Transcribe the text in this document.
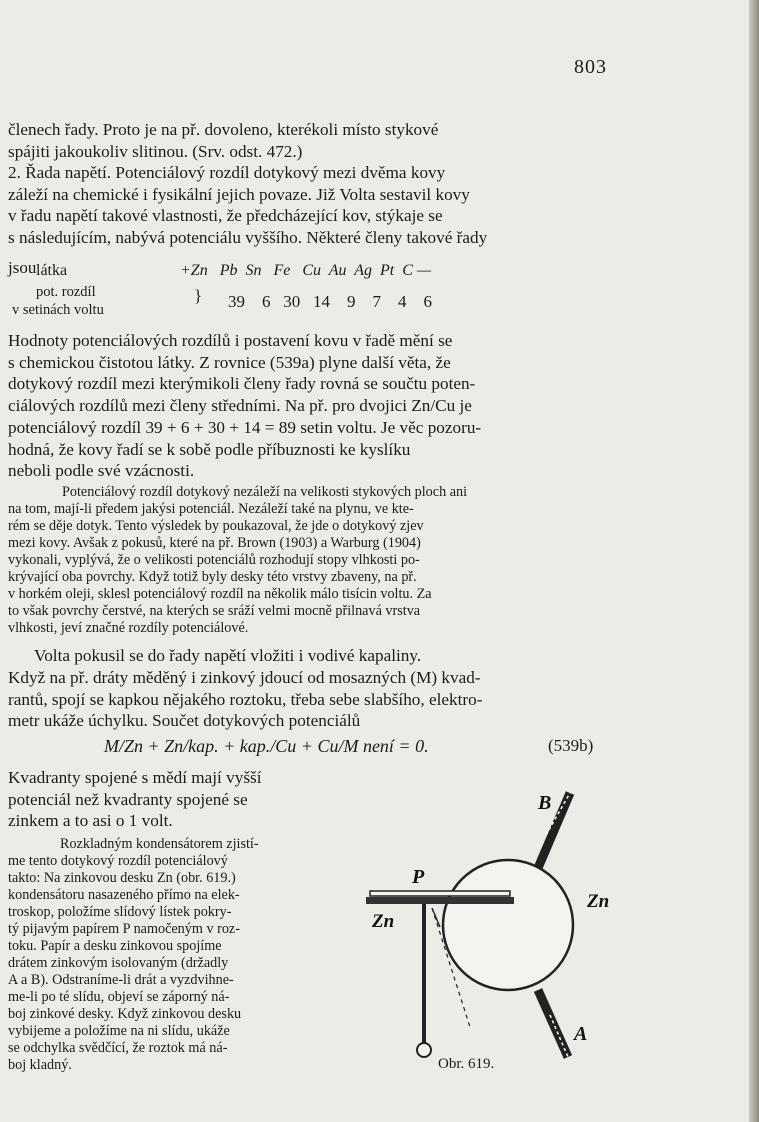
803
členech řady. Proto je na př. dovoleno, kterékoli místo stykové
spájiti jakoukoliv slitinou. (Srv. odst. 472.)
2. Řada napětí. Potenciálový rozdíl dotykový mezi dvěma kovy
záleží na chemické i fysikální jejich povaze. Již Volta sestavil kovy
v řadu napětí takové vlastnosti, že předcházející kov, stýkaje se
s následujícím, nabývá potenciálu vyššího. Některé členy takové řady
jsou látka	+Zn   Pb  Sn   Fe   Cu  Au  Ag  Pt  C —
pot. rozdíl
v setinách voltu
} 39    6   30   14    9    7    4    6
Hodnoty potenciálových rozdílů i postavení kovu v řadě mění se
s chemickou čistotou látky. Z rovnice (539a) plyne další věta, že
dotykový rozdíl mezi kterýmikoli členy řady rovná se součtu poten-
ciálových rozdílů mezi členy středními. Na př. pro dvojici Zn/Cu je
potenciálový rozdíl 39 + 6 + 30 + 14 = 89 setin voltu. Je věc pozoru-
hodná, že kovy řadí se k sobě podle příbuznosti ke kyslíku
neboli podle své vzácnosti.
Potenciálový rozdíl dotykový nezáleží na velikosti stykových ploch ani
na tom, mají-li předem jakýsi potenciál. Nezáleží také na plynu, ve kte-
rém se děje dotyk. Tento výsledek by poukazoval, že jde o dotykový zjev
mezi kovy. Avšak z pokusů, které na př. Brown (1903) a Warburg (1904)
vykonali, vyplývá, že o velikosti potenciálů rozhodují stopy vlhkosti po-
krývající oba povrchy. Když totiž byly desky této vrstvy zbaveny, na př.
v horkém oleji, sklesl potenciálový rozdíl na několik málo tisícin voltu. Za
to však povrchy čerstvé, na kterých se sráží velmi mocně přilnavá vrstva
vlhkosti, jeví značné rozdíly potenciálové.
Volta pokusil se do řady napětí vložiti i vodivé kapaliny.
Když na př. dráty měděný i zinkový jdoucí od mosazných (M) kvad-
rantů, spojí se kapkou nějakého roztoku, třeba sebe slabšího, elektro-
metr ukáže úchylku. Součet dotykových potenciálů
M/Zn + Zn/kap. + kap./Cu + Cu/M není = 0.	(539b)
Kvadranty spojené s mědí mají vyšší
potenciál než kvadranty spojené se
zinkem a to asi o 1 volt.
Rozkladným kondensátorem zjistí-
me tento dotykový rozdíl potenciálový
takto: Na zinkovou desku Zn (obr. 619.)
kondensátoru nasazeného přímo na elek-
troskop, položíme slídový lístek pokry-
tý pijavým papírem P namočeným v roz-
toku. Papír a desku zinkovou spojíme
drátem zinkovým isolovaným (držadly
A a B). Odstraníme-li drát a vyzdvihne-
me-li po té slídu, objeví se záporný ná-
boj zinkové desky. Když zinkovou desku
vybijeme a položíme na ni slídu, ukáže
se odchylka svědčící, že roztok má ná-
boj kladný.
B
P
Zn
Zn
A
Obr. 619.
